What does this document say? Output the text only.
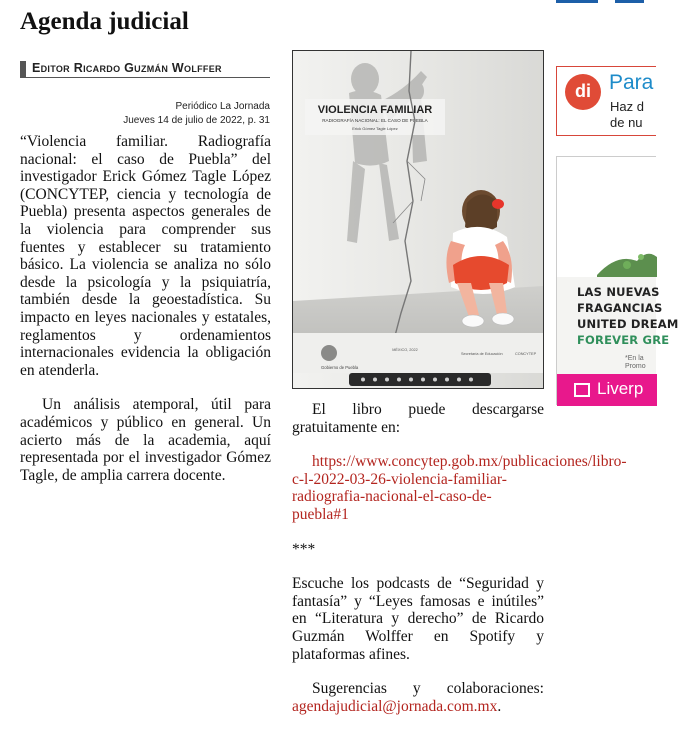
Agenda judicial
Editor Ricardo Guzmán Wolffer
Periódico La Jornada
Jueves 14 de julio de 2022, p. 31

“Violencia familiar. Radiografía nacional: el caso de Puebla” del investigador Erick Gómez Tagle López (CONCYTEP, ciencia y tecnología de Puebla) presenta aspectos generales de la violencia para comprender sus fuentes y establecer su tratamiento básico. La violencia se analiza no sólo desde la psicología y la psiquiatría, también desde la geoestadística. Su impacto en leyes nacionales y estatales, reglamentos y ordenamientos internacionales evidencia la obligación en atenderla.

Un análisis atemporal, útil para académicos y público en general. Un acierto más de la academia, aquí representada por el investigador Gómez Tagle, de amplia carrera docente.

VIOLENCIA FAMILIAR
RADIOGRAFÍA NACIONAL: EL CASO DE PUEBLA
Erick Gómez Tagle López
Gobierno de Puebla
MÉXICO, 2022
Secretaría de Educación	CONCYTEP

El libro puede descargarse gratuitamente en:

https://www.concytep.gob.mx/publicaciones/libro-c-l-2022-03-26-violencia-familiar-radiografia-nacional-el-caso-de-puebla#1

***

Escuche los podcasts de “Seguridad y fantasía” y “Leyes famosas e inútiles” en “Literatura y derecho” de Ricardo Guzmán Wolffer en Spotify y plataformas afines.

Sugerencias y colaboraciones: agendajudicial@jornada.com.mx.

di Para
Haz d
de nu
LAS NUEVAS
FRAGANCIAS
UNITED DREAM
FOREVER GRE
*En la
Promo
Liverp
